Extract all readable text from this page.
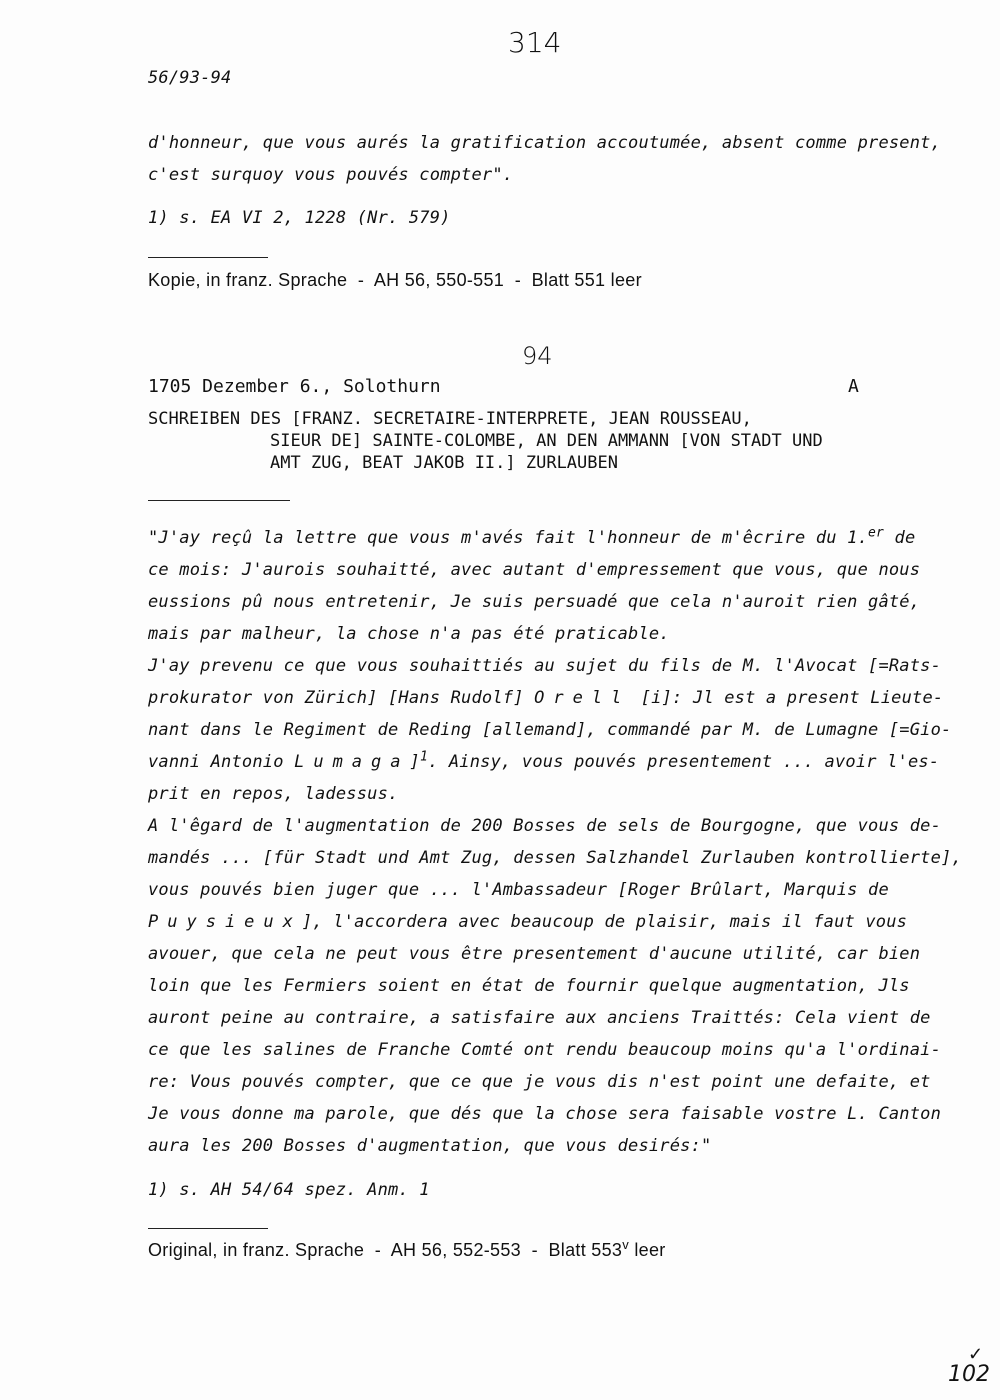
314
56/93-94
d'honneur, que vous aurés la gratification accoutumée, absent comme present,
c'est surquoy vous pouvés compter".
1) s. EA VI 2, 1228 (Nr. 579)
Kopie, in franz. Sprache  -  AH 56, 550-551  -  Blatt 551 leer
94
1705 Dezember 6., Solothurn	A
SCHREIBEN DES [FRANZ. SECRETAIRE-INTERPRETE, JEAN ROUSSEAU,
SIEUR DE] SAINTE-COLOMBE, AN DEN AMMANN [VON STADT UND
AMT ZUG, BEAT JAKOB II.] ZURLAUBEN
"J'ay reçû la lettre que vous m'avés fait l'honneur de m'êcrire du 1.$^{er}$ de
ce mois: J'aurois souhaitté, avec autant d'empressement que vous, que nous
eussions pû nous entretenir, Je suis persuadé que cela n'auroit rien gâté,
mais par malheur, la chose n'a pas été praticable.
J'ay prevenu ce que vous souhaittiés au sujet du fils de M. l'Avocat [=Rats-
prokurator von Zürich] [Hans Rudolf] Orell [i]: Jl est a present Lieute-
nant dans le Regiment de Reding [allemand], commandé par M. de Lumagne [=Gio-
vanni Antonio Lumaga]$^1$. Ainsy, vous pouvés presentement ... avoir l'es-
prit en repos, ladessus.
A l'êgard de l'augmentation de 200 Bosses de sels de Bourgogne, que vous de-
mandés ... [für Stadt und Amt Zug, dessen Salzhandel Zurlauben kontrollierte],
vous pouvés bien juger que ... l'Ambassadeur [Roger Brûlart, Marquis de
Puysieux], l'accordera avec beaucoup de plaisir, mais il faut vous
avouer, que cela ne peut vous être presentement d'aucune utilité, car bien
loin que les Fermiers soient en état de fournir quelque augmentation, Jls
auront peine au contraire, a satisfaire aux anciens Traittés: Cela vient de
ce que les salines de Franche Comté ont rendu beaucoup moins qu'a l'ordinai-
re: Vous pouvés compter, que ce que je vous dis n'est point une defaite, et
Je vous donne ma parole, que dés que la chose sera faisable vostre L. Canton
aura les 200 Bosses d'augmentation, que vous desirés:"
1) s. AH 54/64 spez. Anm. 1
Original, in franz. Sprache  -  AH 56, 552-553  -  Blatt 553$^v$ leer
✓
102
